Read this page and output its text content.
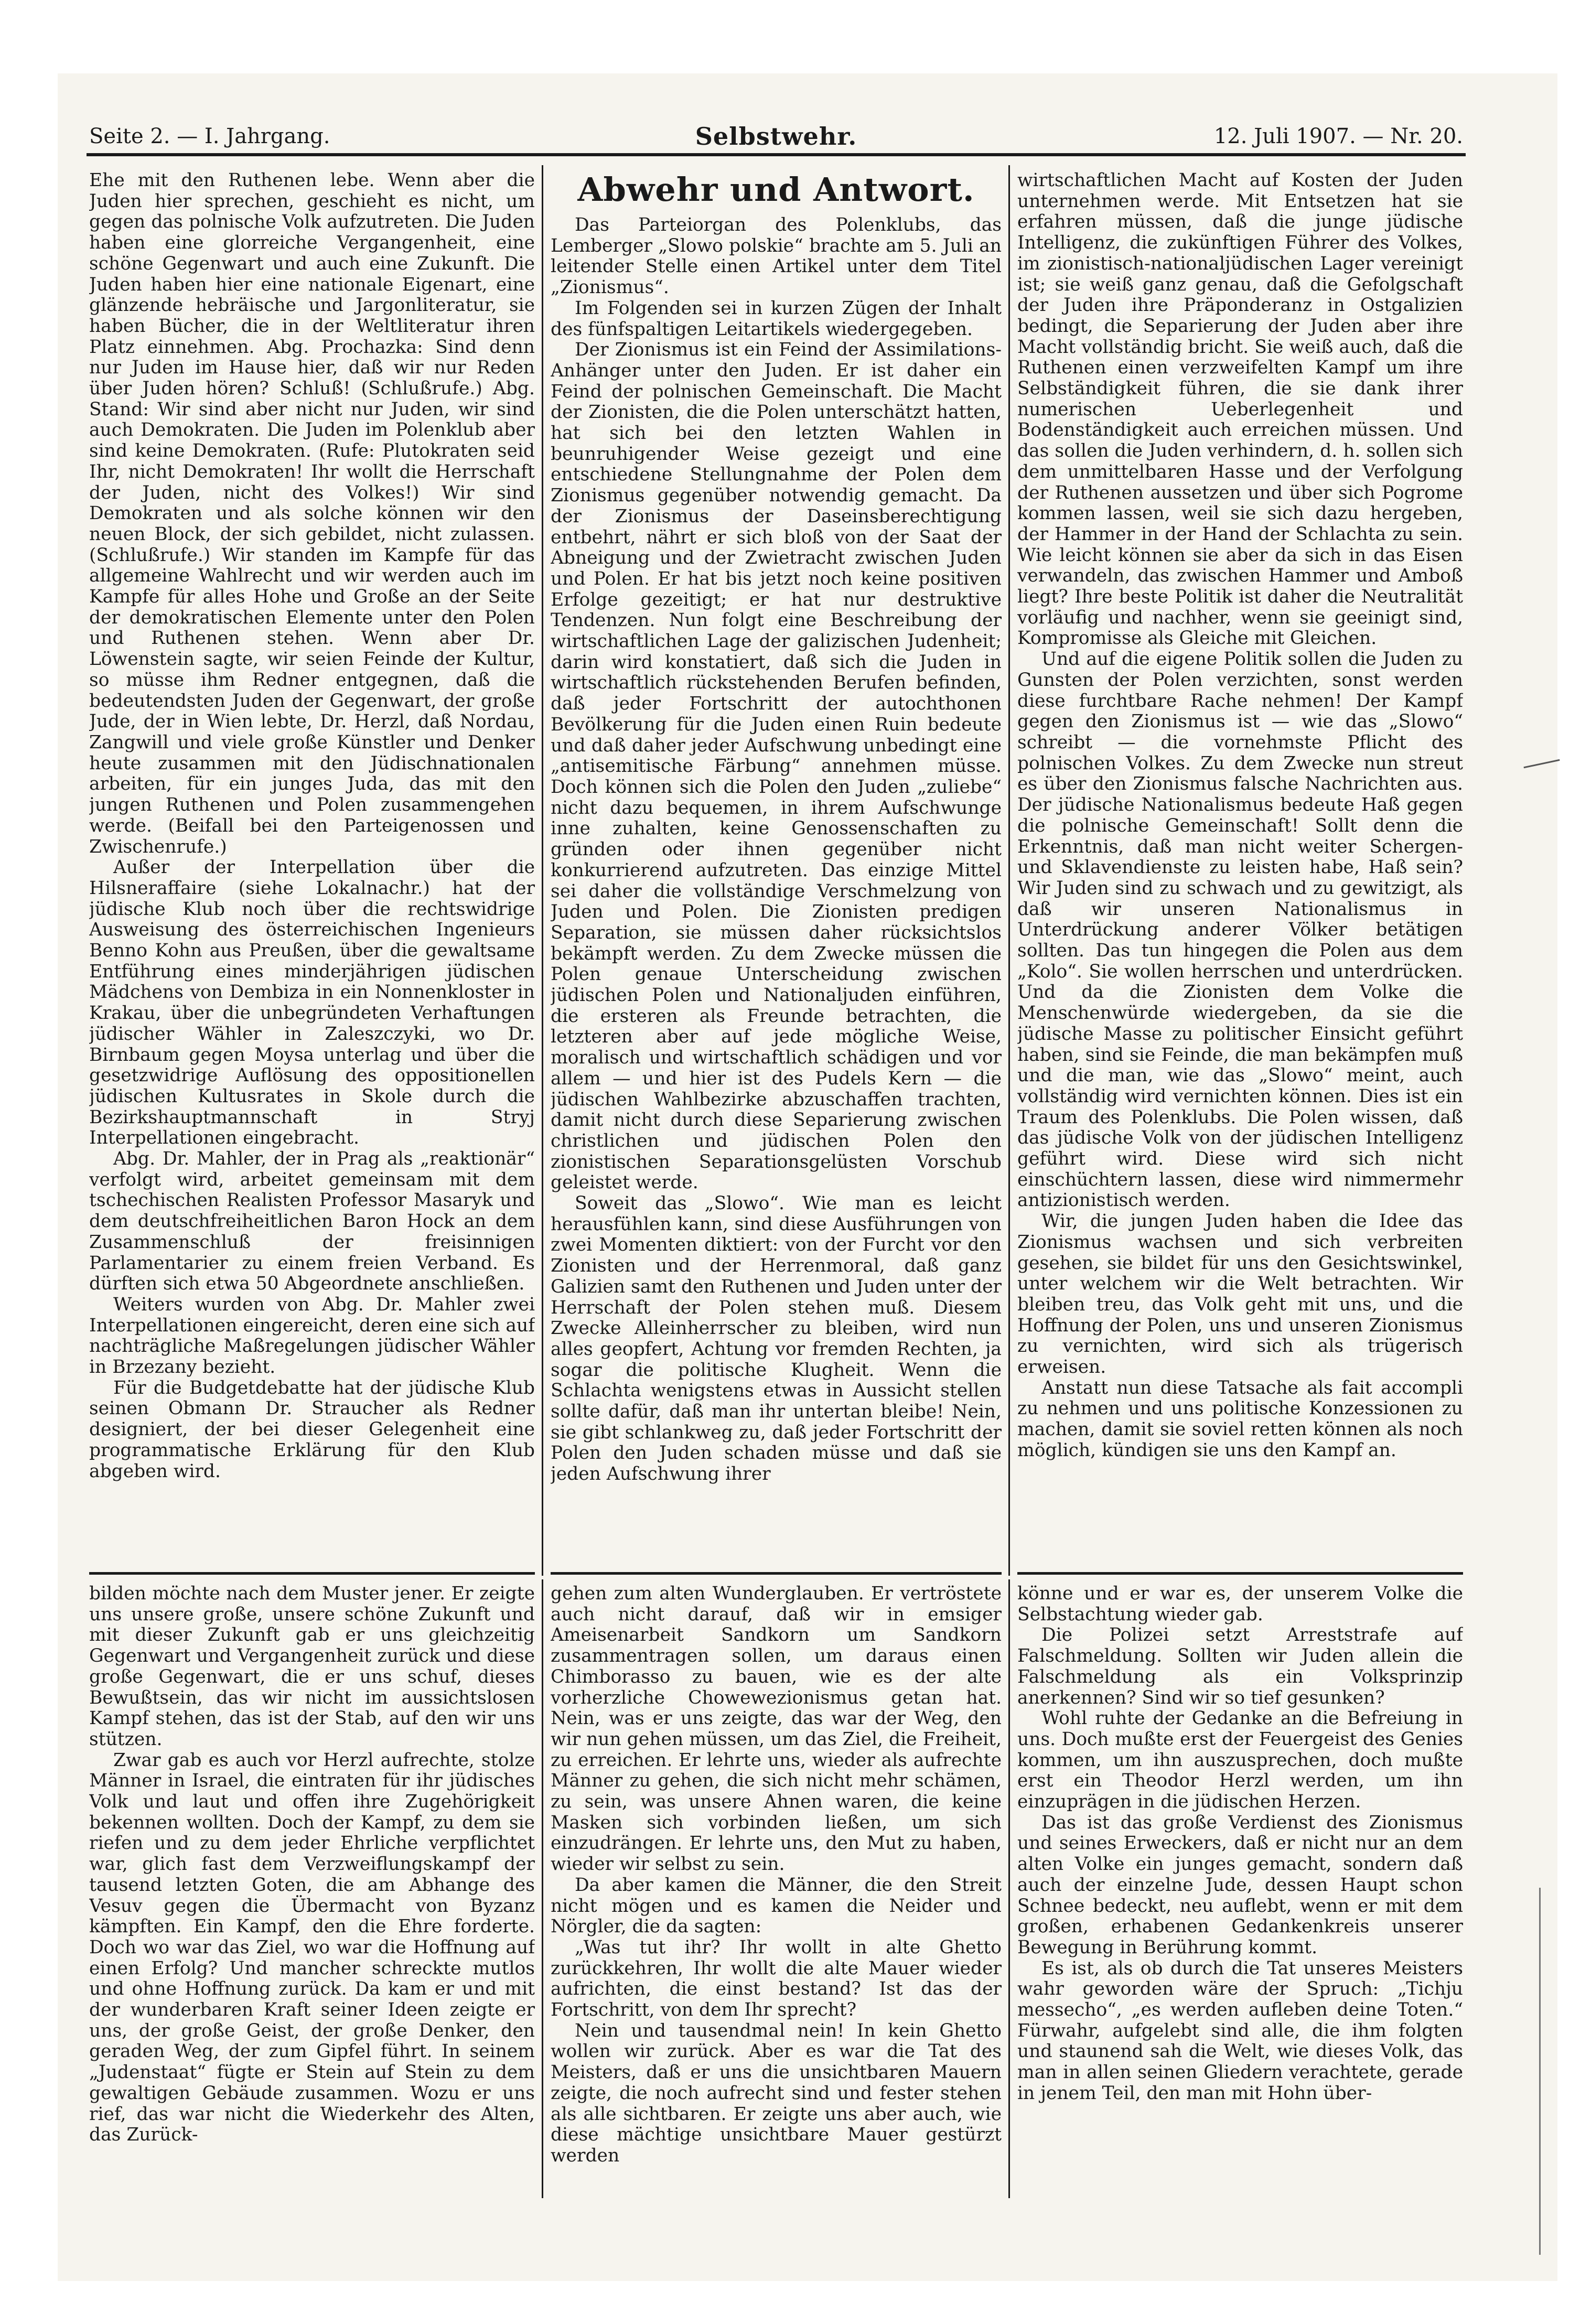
Seite 2. — I. Jahrgang.	Selbstwehr.	12. Juli 1907. — Nr. 20.
Abwehr und Antwort.

Ehe mit den Ruthenen lebe. Wenn aber die Juden hier sprechen, geschieht es nicht, um gegen das polnische Volk aufzutreten. Die Juden haben eine glorreiche Vergangenheit, eine schöne Gegenwart und auch eine Zukunft. Die Juden haben hier eine nationale Eigenart, eine glänzende hebräische und Jargonliteratur, sie haben Bücher, die in der Weltliteratur ihren Platz einnehmen. Abg. Prochazka: Sind denn nur Juden im Hause hier, daß wir nur Reden über Juden hören? Schluß! (Schlußrufe.) Abg. Stand: Wir sind aber nicht nur Juden, wir sind auch Demokraten. Die Juden im Polenklub aber sind keine Demokraten. (Rufe: Plutokraten seid Ihr, nicht Demokraten! Ihr wollt die Herrschaft der Juden, nicht des Volkes!) Wir sind Demokraten und als solche können wir den neuen Block, der sich gebildet, nicht zulassen. (Schlußrufe.) Wir standen im Kampfe für das allgemeine Wahlrecht und wir werden auch im Kampfe für alles Hohe und Große an der Seite der demokratischen Elemente unter den Polen und Ruthenen stehen. Wenn aber Dr. Löwenstein sagte, wir seien Feinde der Kultur, so müsse ihm Redner entgegnen, daß die bedeutendsten Juden der Gegenwart, der große Jude, der in Wien lebte, Dr. Herzl, daß Nordau, Zangwill und viele große Künstler und Denker heute zusammen mit den Jüdischnationalen arbeiten, für ein junges Juda, das mit den jungen Ruthenen und Polen zusammengehen werde. (Beifall bei den Parteigenossen und Zwischenrufe.)

Außer der Interpellation über die Hilsneraffaire (siehe Lokalnachr.) hat der jüdische Klub noch über die rechtswidrige Ausweisung des österreichischen Ingenieurs Benno Kohn aus Preußen, über die gewaltsame Entführung eines minderjährigen jüdischen Mädchens von Dembiza in ein Nonnenkloster in Krakau, über die unbegründeten Verhaftungen jüdischer Wähler in Zaleszczyki, wo Dr. Birnbaum gegen Moysa unterlag und über die gesetzwidrige Auflösung des oppositionellen jüdischen Kultusrates in Skole durch die Bezirkshauptmannschaft in Stryj Interpellationen eingebracht.

Abg. Dr. Mahler, der in Prag als „reaktionär“ verfolgt wird, arbeitet gemeinsam mit dem tschechischen Realisten Professor Masaryk und dem deutschfreiheitlichen Baron Hock an dem Zusammenschluß der freisinnigen Parlamentarier zu einem freien Verband. Es dürften sich etwa 50 Abgeordnete anschließen.

Weiters wurden von Abg. Dr. Mahler zwei Interpellationen eingereicht, deren eine sich auf nachträgliche Maßregelungen jüdischer Wähler in Brzezany bezieht.

Für die Budgetdebatte hat der jüdische Klub seinen Obmann Dr. Straucher als Redner designiert, der bei dieser Gelegenheit eine programmatische Erklärung für den Klub abgeben wird.

Das Parteiorgan des Polenklubs, das Lemberger „Slowo polskie“ brachte am 5. Juli an leitender Stelle einen Artikel unter dem Titel „Zionismus“.

Im Folgenden sei in kurzen Zügen der Inhalt des fünfspaltigen Leitartikels wiedergegeben.

Der Zionismus ist ein Feind der Assimilations-Anhänger unter den Juden. Er ist daher ein Feind der polnischen Gemeinschaft. Die Macht der Zionisten, die die Polen unterschätzt hatten, hat sich bei den letzten Wahlen in beunruhigender Weise gezeigt und eine entschiedene Stellungnahme der Polen dem Zionismus gegenüber notwendig gemacht. Da der Zionismus der Daseinsberechtigung entbehrt, nährt er sich bloß von der Saat der Abneigung und der Zwietracht zwischen Juden und Polen. Er hat bis jetzt noch keine positiven Erfolge gezeitigt; er hat nur destruktive Tendenzen. Nun folgt eine Beschreibung der wirtschaftlichen Lage der galizischen Judenheit; darin wird konstatiert, daß sich die Juden in wirtschaftlich rückstehenden Berufen befinden, daß jeder Fortschritt der autochthonen Bevölkerung für die Juden einen Ruin bedeute und daß daher jeder Aufschwung unbedingt eine „antisemitische Färbung“ annehmen müsse. Doch können sich die Polen den Juden „zuliebe“ nicht dazu bequemen, in ihrem Aufschwunge inne zuhalten, keine Genossenschaften zu gründen oder ihnen gegenüber nicht konkurrierend aufzutreten. Das einzige Mittel sei daher die vollständige Verschmelzung von Juden und Polen. Die Zionisten predigen Separation, sie müssen daher rücksichtslos bekämpft werden. Zu dem Zwecke müssen die Polen genaue Unterscheidung zwischen jüdischen Polen und Nationaljuden einführen, die ersteren als Freunde betrachten, die letzteren aber auf jede mögliche Weise, moralisch und wirtschaftlich schädigen und vor allem — und hier ist des Pudels Kern — die jüdischen Wahlbezirke abzuschaffen trachten, damit nicht durch diese Separierung zwischen christlichen und jüdischen Polen den zionistischen Separationsgelüsten Vorschub geleistet werde.

Soweit das „Slowo“. Wie man es leicht herausfühlen kann, sind diese Ausführungen von zwei Momenten diktiert: von der Furcht vor den Zionisten und der Herrenmoral, daß ganz Galizien samt den Ruthenen und Juden unter der Herrschaft der Polen stehen muß. Diesem Zwecke Alleinherrscher zu bleiben, wird nun alles geopfert, Achtung vor fremden Rechten, ja sogar die politische Klugheit. Wenn die Schlachta wenigstens etwas in Aussicht stellen sollte dafür, daß man ihr untertan bleibe! Nein, sie gibt schlankweg zu, daß jeder Fortschritt der Polen den Juden schaden müsse und daß sie jeden Aufschwung ihrer

wirtschaftlichen Macht auf Kosten der Juden unternehmen werde. Mit Entsetzen hat sie erfahren müssen, daß die junge jüdische Intelligenz, die zukünftigen Führer des Volkes, im zionistisch-nationaljüdischen Lager vereinigt ist; sie weiß ganz genau, daß die Gefolgschaft der Juden ihre Präponderanz in Ostgalizien bedingt, die Separierung der Juden aber ihre Macht vollständig bricht. Sie weiß auch, daß die Ruthenen einen verzweifelten Kampf um ihre Selbständigkeit führen, die sie dank ihrer numerischen Ueberlegenheit und Bodenständigkeit auch erreichen müssen. Und das sollen die Juden verhindern, d. h. sollen sich dem unmittelbaren Hasse und der Verfolgung der Ruthenen aussetzen und über sich Pogrome kommen lassen, weil sie sich dazu hergeben, der Hammer in der Hand der Schlachta zu sein. Wie leicht können sie aber da sich in das Eisen verwandeln, das zwischen Hammer und Amboß liegt? Ihre beste Politik ist daher die Neutralität vorläufig und nachher, wenn sie geeinigt sind, Kompromisse als Gleiche mit Gleichen.

Und auf die eigene Politik sollen die Juden zu Gunsten der Polen verzichten, sonst werden diese furchtbare Rache nehmen! Der Kampf gegen den Zionismus ist — wie das „Slowo“ schreibt — die vornehmste Pflicht des polnischen Volkes. Zu dem Zwecke nun streut es über den Zionismus falsche Nachrichten aus. Der jüdische Nationalismus bedeute Haß gegen die polnische Gemeinschaft! Sollt denn die Erkenntnis, daß man nicht weiter Schergen- und Sklavendienste zu leisten habe, Haß sein? Wir Juden sind zu schwach und zu gewitzigt, als daß wir unseren Nationalismus in Unterdrückung anderer Völker betätigen sollten. Das tun hingegen die Polen aus dem „Kolo“. Sie wollen herrschen und unterdrücken. Und da die Zionisten dem Volke die Menschenwürde wiedergeben, da sie die jüdische Masse zu politischer Einsicht geführt haben, sind sie Feinde, die man bekämpfen muß und die man, wie das „Slowo“ meint, auch vollständig wird vernichten können. Dies ist ein Traum des Polenklubs. Die Polen wissen, daß das jüdische Volk von der jüdischen Intelligenz geführt wird. Diese wird sich nicht einschüchtern lassen, diese wird nimmermehr antizionistisch werden.

Wir, die jungen Juden haben die Idee das Zionismus wachsen und sich verbreiten gesehen, sie bildet für uns den Gesichtswinkel, unter welchem wir die Welt betrachten. Wir bleiben treu, das Volk geht mit uns, und die Hoffnung der Polen, uns und unseren Zionismus zu vernichten, wird sich als trügerisch erweisen.

Anstatt nun diese Tatsache als fait accompli zu nehmen und uns politische Konzessionen zu machen, damit sie soviel retten können als noch möglich, kündigen sie uns den Kampf an.

bilden möchte nach dem Muster jener. Er zeigte uns unsere große, unsere schöne Zukunft und mit dieser Zukunft gab er uns gleichzeitig Gegenwart und Vergangenheit zurück und diese große Gegenwart, die er uns schuf, dieses Bewußtsein, das wir nicht im aussichtslosen Kampf stehen, das ist der Stab, auf den wir uns stützen.

Zwar gab es auch vor Herzl aufrechte, stolze Männer in Israel, die eintraten für ihr jüdisches Volk und laut und offen ihre Zugehörigkeit bekennen wollten. Doch der Kampf, zu dem sie riefen und zu dem jeder Ehrliche verpflichtet war, glich fast dem Verzweiflungskampf der tausend letzten Goten, die am Abhange des Vesuv gegen die Übermacht von Byzanz kämpften. Ein Kampf, den die Ehre forderte. Doch wo war das Ziel, wo war die Hoffnung auf einen Erfolg? Und mancher schreckte mutlos und ohne Hoffnung zurück. Da kam er und mit der wunderbaren Kraft seiner Ideen zeigte er uns, der große Geist, der große Denker, den geraden Weg, der zum Gipfel führt. In seinem „Judenstaat“ fügte er Stein auf Stein zu dem gewaltigen Gebäude zusammen. Wozu er uns rief, das war nicht die Wiederkehr des Alten, das Zurück-

gehen zum alten Wunderglauben. Er vertröstete auch nicht darauf, daß wir in emsiger Ameisenarbeit Sandkorn um Sandkorn zusammentragen sollen, um daraus einen Chimborasso zu bauen, wie es der alte vorherzliche Chowewezionismus getan hat. Nein, was er uns zeigte, das war der Weg, den wir nun gehen müssen, um das Ziel, die Freiheit, zu erreichen. Er lehrte uns, wieder als aufrechte Männer zu gehen, die sich nicht mehr schämen, zu sein, was unsere Ahnen waren, die keine Masken sich vorbinden ließen, um sich einzudrängen. Er lehrte uns, den Mut zu haben, wieder wir selbst zu sein.

Da aber kamen die Männer, die den Streit nicht mögen und es kamen die Neider und Nörgler, die da sagten:

„Was tut ihr? Ihr wollt in alte Ghetto zurückkehren, Ihr wollt die alte Mauer wieder aufrichten, die einst bestand? Ist das der Fortschritt, von dem Ihr sprecht?

Nein und tausendmal nein! In kein Ghetto wollen wir zurück. Aber es war die Tat des Meisters, daß er uns die unsichtbaren Mauern zeigte, die noch aufrecht sind und fester stehen als alle sichtbaren. Er zeigte uns aber auch, wie diese mächtige unsichtbare Mauer gestürzt werden

könne und er war es, der unserem Volke die Selbstachtung wieder gab.

Die Polizei setzt Arreststrafe auf Falschmeldung. Sollten wir Juden allein die Falschmeldung als ein Volksprinzip anerkennen? Sind wir so tief gesunken?

Wohl ruhte der Gedanke an die Befreiung in uns. Doch mußte erst der Feuergeist des Genies kommen, um ihn auszusprechen, doch mußte erst ein Theodor Herzl werden, um ihn einzuprägen in die jüdischen Herzen.

Das ist das große Verdienst des Zionismus und seines Erweckers, daß er nicht nur an dem alten Volke ein junges gemacht, sondern daß auch der einzelne Jude, dessen Haupt schon Schnee bedeckt, neu auflebt, wenn er mit dem großen, erhabenen Gedankenkreis unserer Bewegung in Berührung kommt.

Es ist, als ob durch die Tat unseres Meisters wahr geworden wäre der Spruch: „Tichju messecho“, „es werden aufleben deine Toten.“ Fürwahr, aufgelebt sind alle, die ihm folgten und staunend sah die Welt, wie dieses Volk, das man in allen seinen Gliedern verachtete, gerade in jenem Teil, den man mit Hohn über-
